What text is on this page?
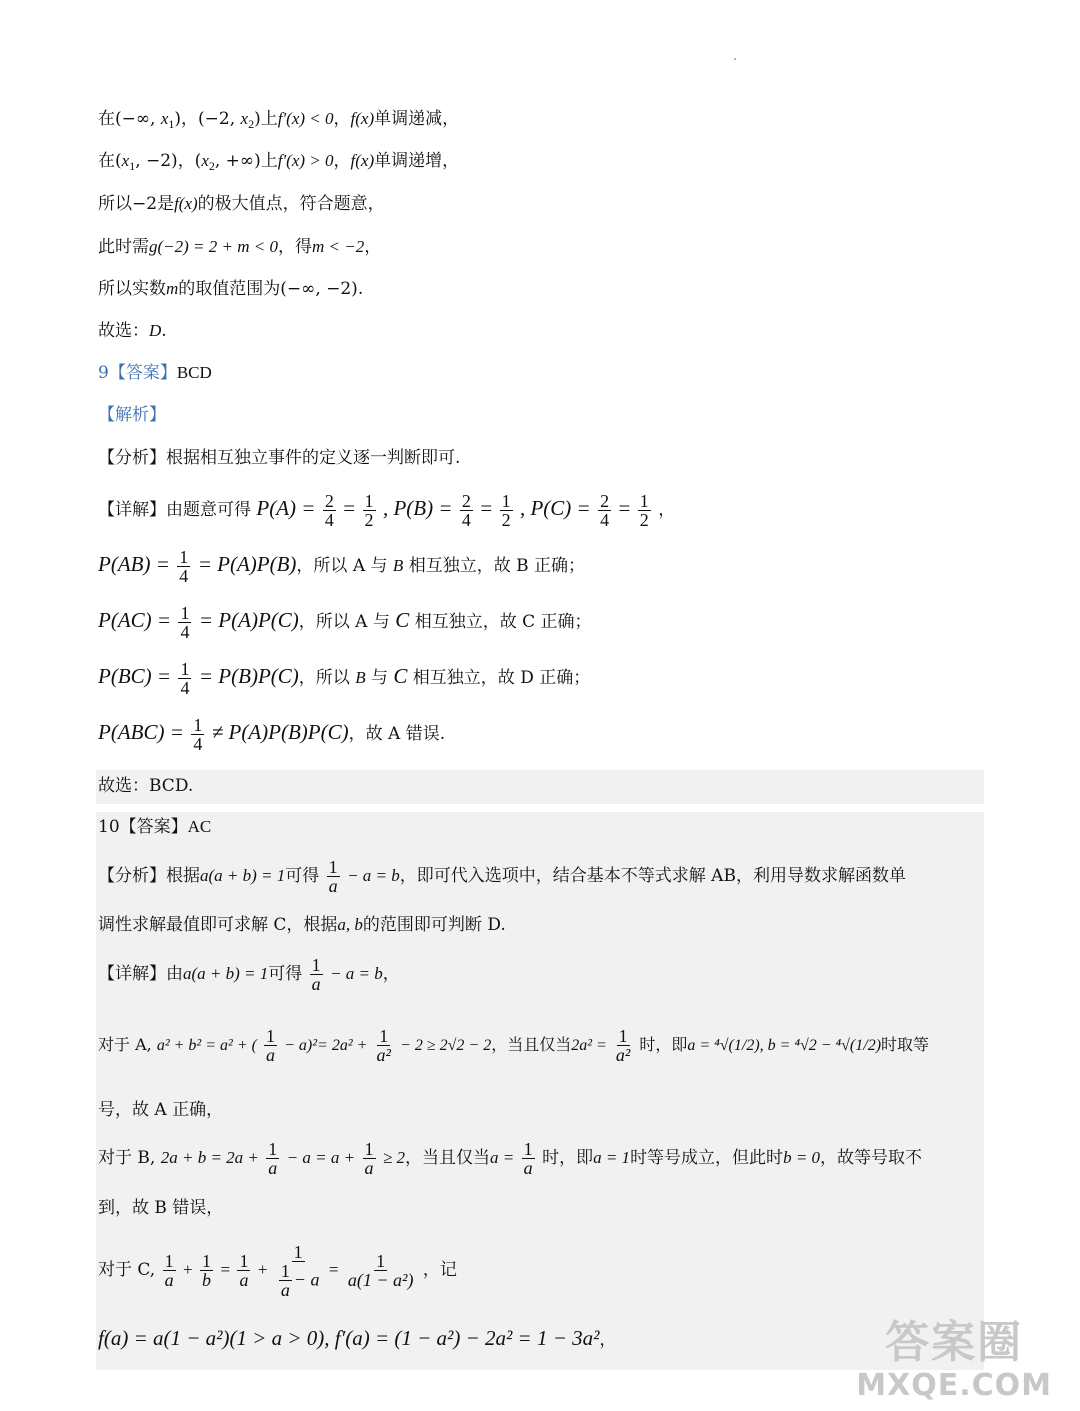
在(−∞, $x_1$)，(−2, $x_2$)上f′(x) < 0，f(x)单调递减，
在($x_1$, −2)，($x_2$, +∞)上f′(x) > 0，f(x)单调递增，
所以−2是f(x)的极大值点，符合题意，
此时需g(−2) = 2 + m < 0，得m < −2，
所以实数m的取值范围为(−∞, −2).
故选：D.
9【答案】BCD
【解析】
【分析】根据相互独立事件的定义逐一判断即可.
【详解】由题意可得 $P(A) = \frac{2}{4} = \frac{1}{2}$ , $P(B) = \frac{2}{4} = \frac{1}{2}$ , $P(C) = \frac{2}{4} = \frac{1}{2}$ ，
$P(AB) = \frac{1}{4} = P(A)P(B)$，所以 A 与 B 相互独立，故 B 正确；
$P(AC) = \frac{1}{4} = P(A)P(C)$，所以 A 与 C 相互独立，故 C 正确；
$P(BC) = \frac{1}{4} = P(B)P(C)$，所以 B 与 C 相互独立，故 D 正确；
$P(ABC) = \frac{1}{4} \ne P(A)P(B)P(C)$，故 A 错误.
故选：BCD.
10【答案】AC
【分析】根据a(a + b) = 1可得 $\frac{1}{a} - a = b$，即可代入选项中，结合基本不等式求解 AB，利用导数求解函数单
调性求解最值即可求解 C，根据a, b的范围即可判断 D.
【详解】由a(a + b) = 1可得 $\frac{1}{a} - a = b$，
对于 A, a² + b² = a² + ( $\frac{1}{a} - a)^2= 2a^2 + \frac{1}{\text{a²}} - 2 \ge 2√2 - 2$，当且仅当$2a^2 = \frac{1}{\text{a²}}$ 时，即a = ⁴√(1/2), b = ⁴√2 − ⁴√(1/2)时取等
号，故 A 正确，
对于 B, $2a + b = 2a + \frac{1}{a} - a = a + \frac{1}{a} \ge 2$，当且仅当$a = \frac{1}{a}$ 时，即a = 1时等号成立，但此时b = 0，故等号取不
到，故 B 错误，
对于 C, $\frac{1}{a} + \frac{1}{b} = \frac{1}{a} + \frac{1}{\frac{1}{a} - a} = \frac{1}{\text{a(1 − a²)}}$ ，记
f(a) = a(1 − a²)(1 > a > 0), f′(a) = (1 − a²) − 2a² = 1 − 3a²，	答案圈
MXQE.COM
